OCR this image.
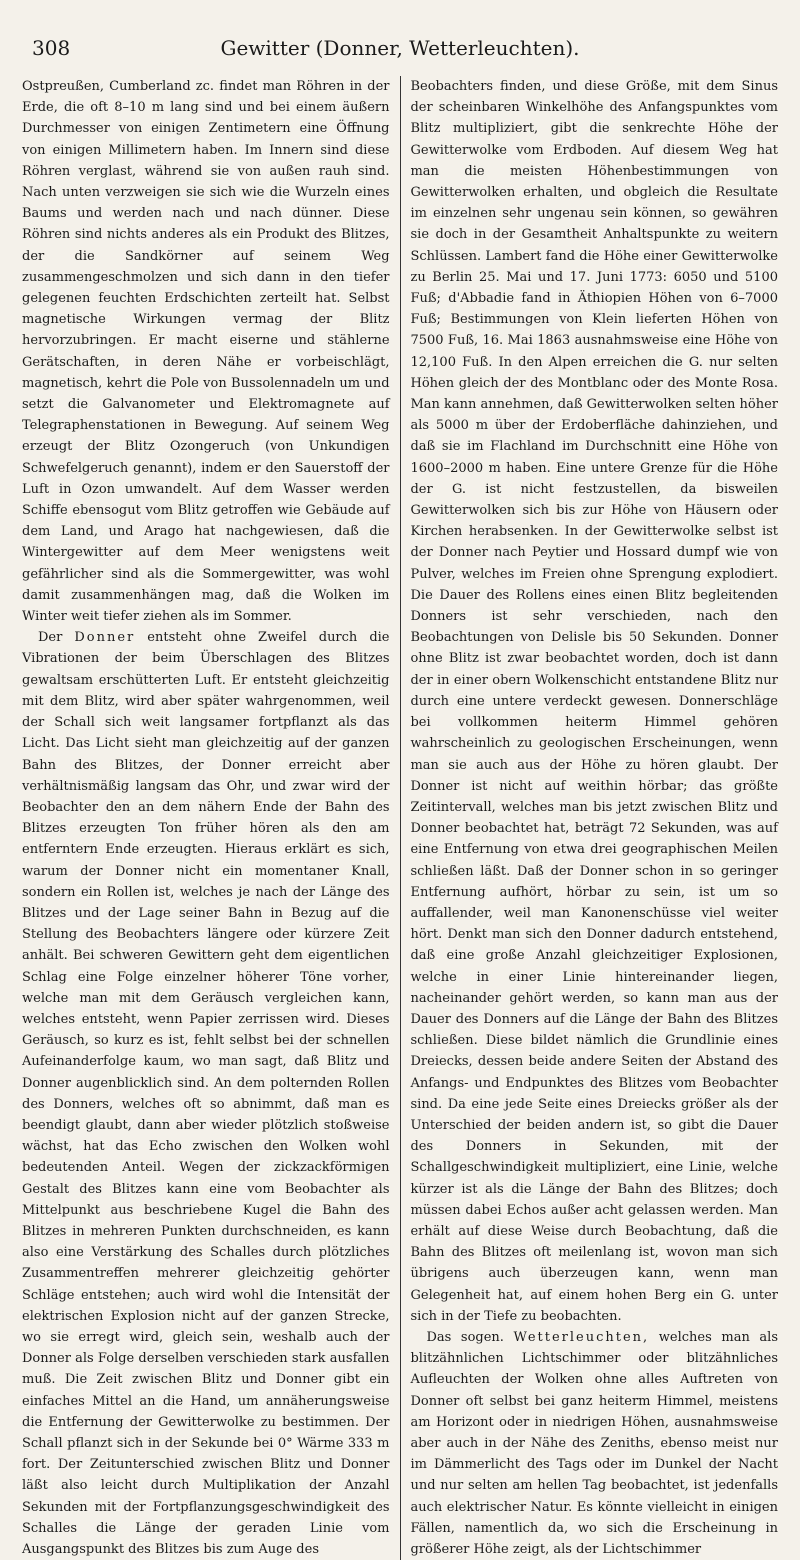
308	Gewitter (Donner, Wetterleuchten).

Ostpreußen, Cumberland zc. findet man Röhren in der Erde, die oft 8–10 m lang sind und bei einem äußern Durchmesser von einigen Zentimetern eine Öffnung von einigen Millimetern haben. Im Innern sind diese Röhren verglast, während sie von außen rauh sind. Nach unten verzweigen sie sich wie die Wurzeln eines Baums und werden nach und nach dünner. Diese Röhren sind nichts anderes als ein Produkt des Blitzes, der die Sandkörner auf seinem Weg zusammengeschmolzen und sich dann in den tiefer gelegenen feuchten Erdschichten zerteilt hat. Selbst magnetische Wirkungen vermag der Blitz hervorzubringen. Er macht eiserne und stählerne Gerätschaften, in deren Nähe er vorbeischlägt, magnetisch, kehrt die Pole von Bussolennadeln um und setzt die Galvanometer und Elektromagnete auf Telegraphenstationen in Bewegung. Auf seinem Weg erzeugt der Blitz Ozongeruch (von Unkundigen Schwefelgeruch genannt), indem er den Sauerstoff der Luft in Ozon umwandelt. Auf dem Wasser werden Schiffe ebensogut vom Blitz getroffen wie Gebäude auf dem Land, und Arago hat nachgewiesen, daß die Wintergewitter auf dem Meer wenigstens weit gefährlicher sind als die Sommergewitter, was wohl damit zusammenhängen mag, daß die Wolken im Winter weit tiefer ziehen als im Sommer.

Der Donner entsteht ohne Zweifel durch die Vibrationen der beim Überschlagen des Blitzes gewaltsam erschütterten Luft. Er entsteht gleichzeitig mit dem Blitz, wird aber später wahrgenommen, weil der Schall sich weit langsamer fortpflanzt als das Licht. Das Licht sieht man gleichzeitig auf der ganzen Bahn des Blitzes, der Donner erreicht aber verhältnismäßig langsam das Ohr, und zwar wird der Beobachter den an dem nähern Ende der Bahn des Blitzes erzeugten Ton früher hören als den am entferntern Ende erzeugten. Hieraus erklärt es sich, warum der Donner nicht ein momentaner Knall, sondern ein Rollen ist, welches je nach der Länge des Blitzes und der Lage seiner Bahn in Bezug auf die Stellung des Beobachters längere oder kürzere Zeit anhält. Bei schweren Gewittern geht dem eigentlichen Schlag eine Folge einzelner höherer Töne vorher, welche man mit dem Geräusch vergleichen kann, welches entsteht, wenn Papier zerrissen wird. Dieses Geräusch, so kurz es ist, fehlt selbst bei der schnellen Aufeinanderfolge kaum, wo man sagt, daß Blitz und Donner augenblicklich sind. An dem polternden Rollen des Donners, welches oft so abnimmt, daß man es beendigt glaubt, dann aber wieder plötzlich stoßweise wächst, hat das Echo zwischen den Wolken wohl bedeutenden Anteil. Wegen der zickzackförmigen Gestalt des Blitzes kann eine vom Beobachter als Mittelpunkt aus beschriebene Kugel die Bahn des Blitzes in mehreren Punkten durchschneiden, es kann also eine Verstärkung des Schalles durch plötzliches Zusammentreffen mehrerer gleichzeitig gehörter Schläge entstehen; auch wird wohl die Intensität der elektrischen Explosion nicht auf der ganzen Strecke, wo sie erregt wird, gleich sein, weshalb auch der Donner als Folge derselben verschieden stark ausfallen muß. Die Zeit zwischen Blitz und Donner gibt ein einfaches Mittel an die Hand, um annäherungsweise die Entfernung der Gewitterwolke zu bestimmen. Der Schall pflanzt sich in der Sekunde bei 0° Wärme 333 m fort. Der Zeitunterschied zwischen Blitz und Donner läßt also leicht durch Multiplikation der Anzahl Sekunden mit der Fortpflanzungsgeschwindigkeit des Schalles die Länge der geraden Linie vom Ausgangspunkt des Blitzes bis zum Auge des

Beobachters finden, und diese Größe, mit dem Sinus der scheinbaren Winkelhöhe des Anfangspunktes vom Blitz multipliziert, gibt die senkrechte Höhe der Gewitterwolke vom Erdboden. Auf diesem Weg hat man die meisten Höhenbestimmungen von Gewitterwolken erhalten, und obgleich die Resultate im einzelnen sehr ungenau sein können, so gewähren sie doch in der Gesamtheit Anhaltspunkte zu weitern Schlüssen. Lambert fand die Höhe einer Gewitterwolke zu Berlin 25. Mai und 17. Juni 1773: 6050 und 5100 Fuß; d'Abbadie fand in Äthiopien Höhen von 6–7000 Fuß; Bestimmungen von Klein lieferten Höhen von 7500 Fuß, 16. Mai 1863 ausnahmsweise eine Höhe von 12,100 Fuß. In den Alpen erreichen die G. nur selten Höhen gleich der des Montblanc oder des Monte Rosa. Man kann annehmen, daß Gewitterwolken selten höher als 5000 m über der Erdoberfläche dahinziehen, und daß sie im Flachland im Durchschnitt eine Höhe von 1600–2000 m haben. Eine untere Grenze für die Höhe der G. ist nicht festzustellen, da bisweilen Gewitterwolken sich bis zur Höhe von Häusern oder Kirchen herabsenken. In der Gewitterwolke selbst ist der Donner nach Peytier und Hossard dumpf wie von Pulver, welches im Freien ohne Sprengung explodiert. Die Dauer des Rollens eines einen Blitz begleitenden Donners ist sehr verschieden, nach den Beobachtungen von Delisle bis 50 Sekunden. Donner ohne Blitz ist zwar beobachtet worden, doch ist dann der in einer obern Wolkenschicht entstandene Blitz nur durch eine untere verdeckt gewesen. Donnerschläge bei vollkommen heiterm Himmel gehören wahrscheinlich zu geologischen Erscheinungen, wenn man sie auch aus der Höhe zu hören glaubt. Der Donner ist nicht auf weithin hörbar; das größte Zeitintervall, welches man bis jetzt zwischen Blitz und Donner beobachtet hat, beträgt 72 Sekunden, was auf eine Entfernung von etwa drei geographischen Meilen schließen läßt. Daß der Donner schon in so geringer Entfernung aufhört, hörbar zu sein, ist um so auffallender, weil man Kanonenschüsse viel weiter hört. Denkt man sich den Donner dadurch entstehend, daß eine große Anzahl gleichzeitiger Explosionen, welche in einer Linie hintereinander liegen, nacheinander gehört werden, so kann man aus der Dauer des Donners auf die Länge der Bahn des Blitzes schließen. Diese bildet nämlich die Grundlinie eines Dreiecks, dessen beide andere Seiten der Abstand des Anfangs- und Endpunktes des Blitzes vom Beobachter sind. Da eine jede Seite eines Dreiecks größer als der Unterschied der beiden andern ist, so gibt die Dauer des Donners in Sekunden, mit der Schallgeschwindigkeit multipliziert, eine Linie, welche kürzer ist als die Länge der Bahn des Blitzes; doch müssen dabei Echos außer acht gelassen werden. Man erhält auf diese Weise durch Beobachtung, daß die Bahn des Blitzes oft meilenlang ist, wovon man sich übrigens auch überzeugen kann, wenn man Gelegenheit hat, auf einem hohen Berg ein G. unter sich in der Tiefe zu beobachten.

Das sogen. Wetterleuchten, welches man als blitzähnlichen Lichtschimmer oder blitzähnliches Aufleuchten der Wolken ohne alles Auftreten von Donner oft selbst bei ganz heiterm Himmel, meistens am Horizont oder in niedrigen Höhen, ausnahmsweise aber auch in der Nähe des Zeniths, ebenso meist nur im Dämmerlicht des Tags oder im Dunkel der Nacht und nur selten am hellen Tag beobachtet, ist jedenfalls auch elektrischer Natur. Es könnte vielleicht in einigen Fällen, namentlich da, wo sich die Erscheinung in größerer Höhe zeigt, als der Lichtschimmer
